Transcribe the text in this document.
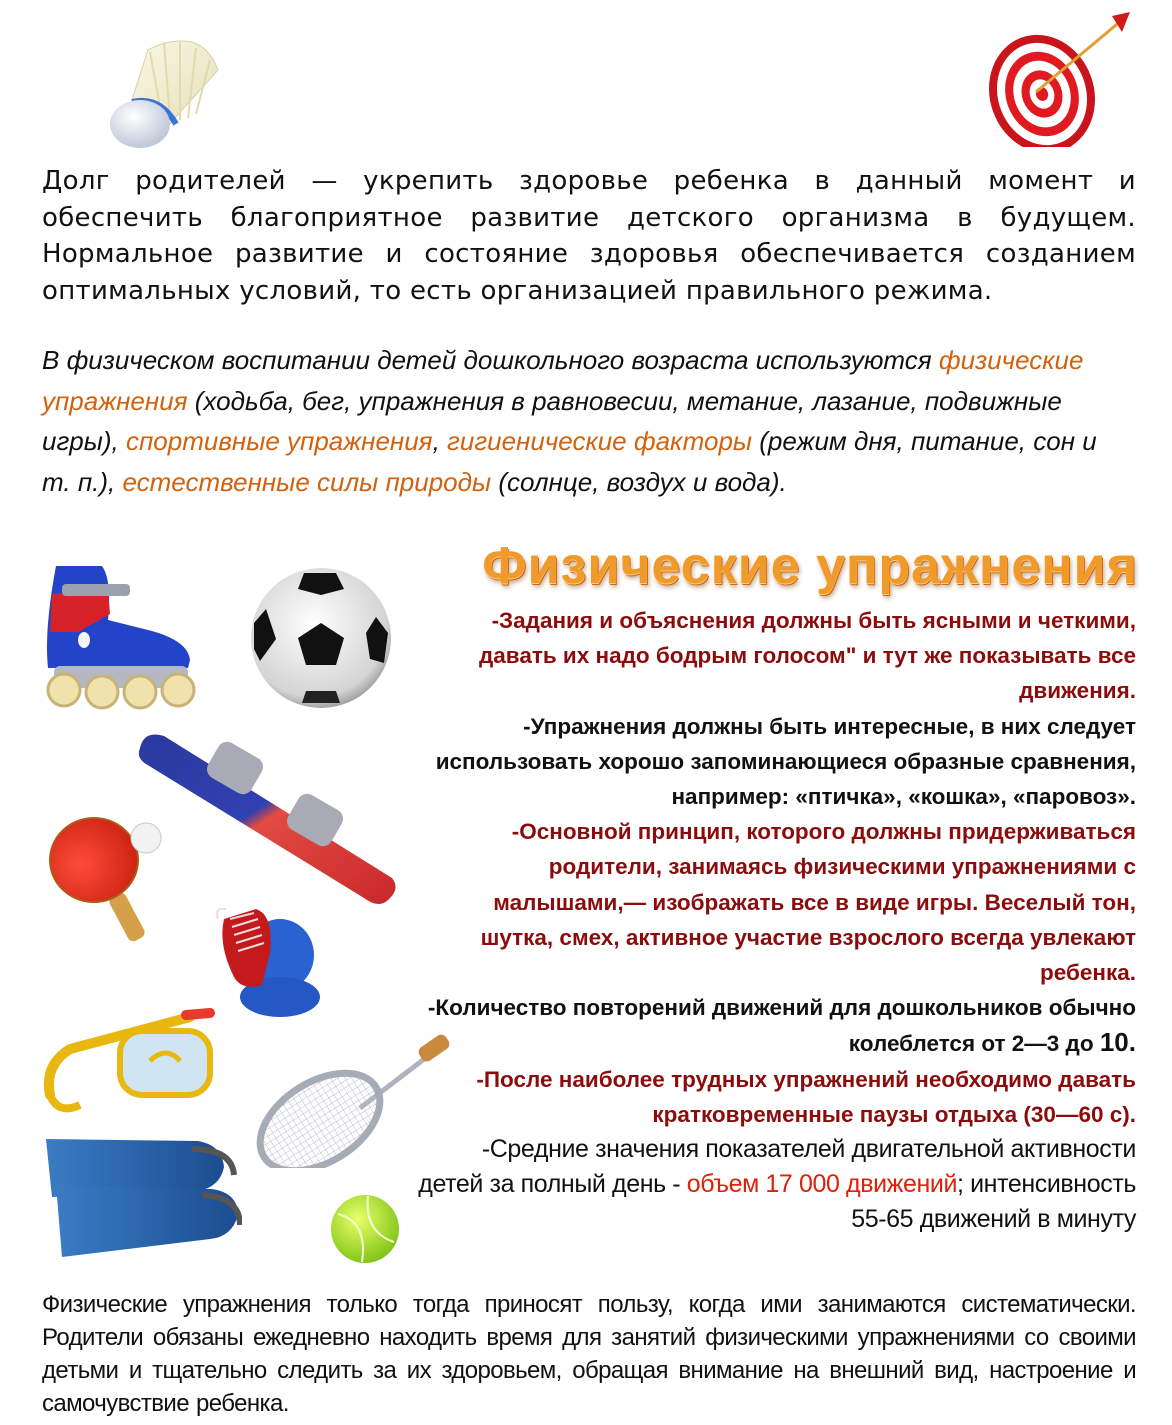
Долг родителей — укрепить здоровье ребенка в данный момент и обеспечить благоприятное развитие детского организма в будущем. Нормальное развитие и состояние здоровья обеспечивается созданием оптимальных условий, то есть организацией правильного режима.

В физическом воспитании детей дошкольного возраста используются физические упражнения (ходьба, бег, упражнения в равновесии, метание, лазание, подвижные игры), спортивные упражнения, гигиенические факторы (режим дня, питание, сон и т. п.), естественные силы природы (солнце, воздух и вода).

Физические упражнения

-Задания и объяснения должны быть ясными и четкими, давать их надо бодрым голосом" и тут же показывать все движения.

-Упражнения должны быть интересные, в них следует использовать хорошо запоминающиеся образные сравнения, например: «птичка», «кошка», «паровоз».

-Основной принцип, которого должны придерживаться родители, занимаясь физическими упражнениями с малышами,— изображать все в виде игры. Веселый тон, шутка, смех, активное участие взрослого всегда увлекают ребенка.

-Количество повторений движений для дошкольников обычно колеблется от 2—3 до 10.

-После наиболее трудных упражнений необходимо давать кратковременные паузы отдыха (30—60 с).

-Средние значения показателей двигательной активности детей за полный день - объем 17 000 движений; интенсивность 55-65 движений в минуту

Физические упражнения только тогда приносят пользу, когда ими занимаются систематически. Родители обязаны ежедневно находить время для занятий физическими упражнениями со своими детьми и тщательно следить за их здоровьем, обращая внимание на внешний вид, настроение и самочувствие ребенка.
